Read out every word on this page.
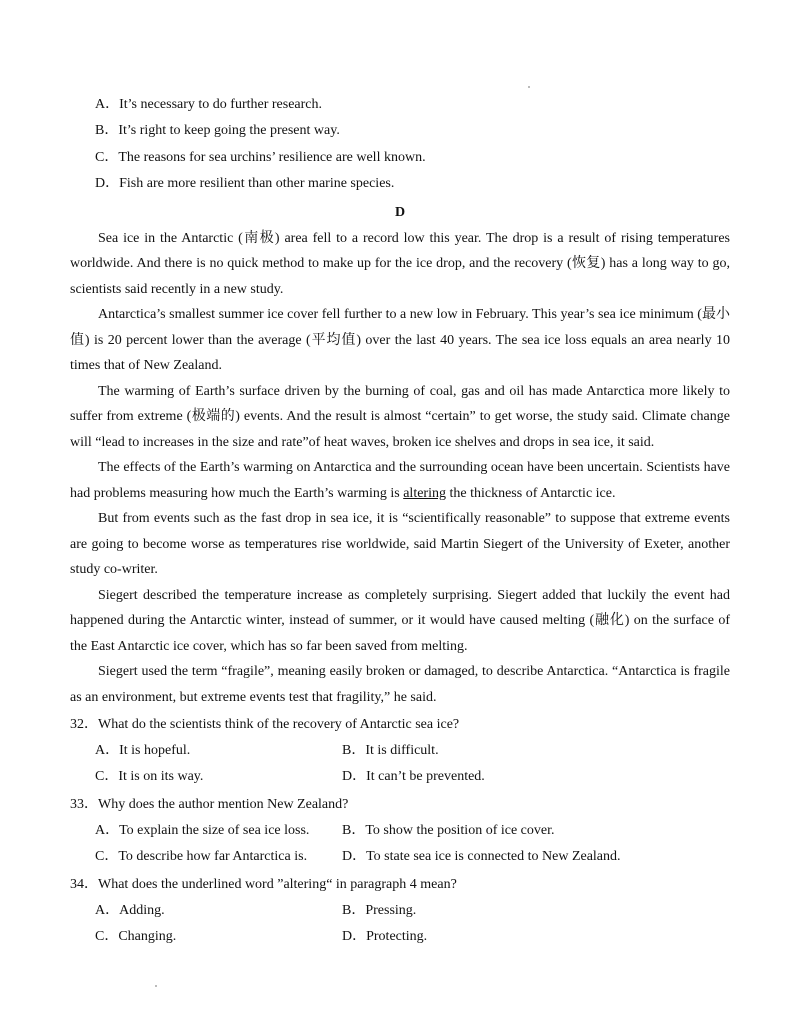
A．It’s necessary to do further research.
B．It’s right to keep going the present way.
C．The reasons for sea urchins’ resilience are well known.
D．Fish are more resilient than other marine species.
D

Sea ice in the Antarctic (南极) area fell to a record low this year. The drop is a result of rising temperatures worldwide. And there is no quick method to make up for the ice drop, and the recovery (恢复) has a long way to go, scientists said recently in a new study.

Antarctica’s smallest summer ice cover fell further to a new low in February. This year’s sea ice minimum (最小值) is 20 percent lower than the average (平均值) over the last 40 years. The sea ice loss equals an area nearly 10 times that of New Zealand.

The warming of Earth’s surface driven by the burning of coal, gas and oil has made Antarctica more likely to suffer from extreme (极端的) events. And the result is almost “certain” to get worse, the study said. Climate change will “lead to increases in the size and rate”of heat waves, broken ice shelves and drops in sea ice, it said.

The effects of the Earth’s warming on Antarctica and the surrounding ocean have been uncertain. Scientists have had problems measuring how much the Earth’s warming is altering the thickness of Antarctic ice.

But from events such as the fast drop in sea ice, it is “scientifically reasonable” to suppose that extreme events are going to become worse as temperatures rise worldwide, said Martin Siegert of the University of Exeter, another study co-writer.

Siegert described the temperature increase as completely surprising. Siegert added that luckily the event had happened during the Antarctic winter, instead of summer, or it would have caused melting (融化) on the surface of the East Antarctic ice cover, which has so far been saved from melting.

Siegert used the term “fragile”, meaning easily broken or damaged, to describe Antarctica. “Antarctica is fragile as an environment, but extreme events test that fragility,” he said.

32．What do the scientists think of the recovery of Antarctic sea ice?
A．It is hopeful.	B．It is difficult.
C．It is on its way.	D．It can’t be prevented.
33．Why does the author mention New Zealand?
A．To explain the size of sea ice loss.	B．To show the position of ice cover.
C．To describe how far Antarctica is.	D．To state sea ice is connected to New Zealand.
34．What does the underlined word ”altering“ in paragraph 4 mean?
A．Adding.	B．Pressing.
C．Changing.	D．Protecting.
